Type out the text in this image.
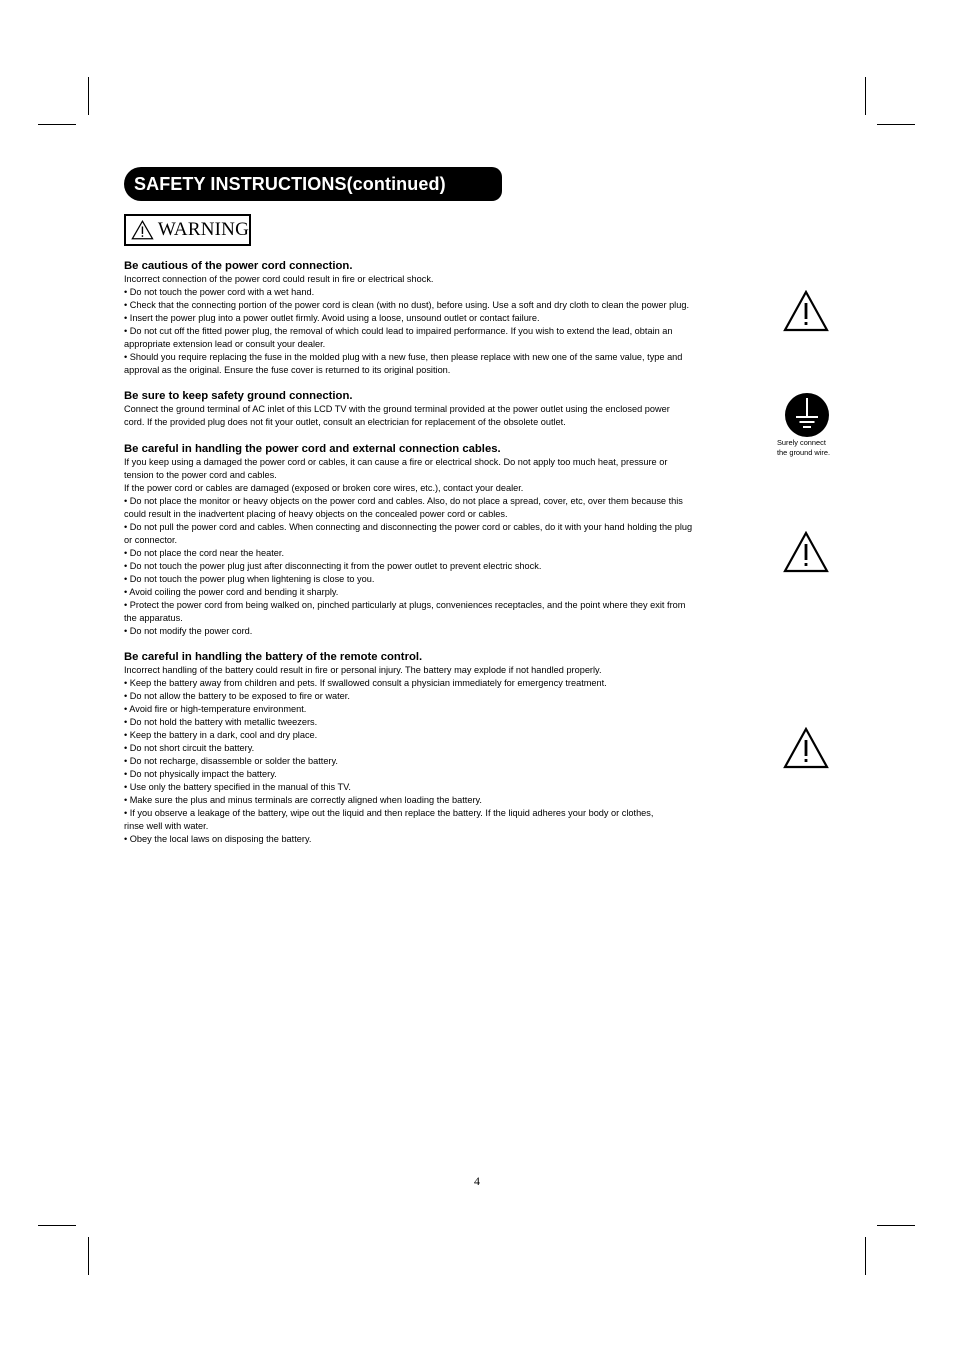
SAFETY INSTRUCTIONS(continued)
WARNING
Be cautious of the power cord connection.
Incorrect connection of the power cord could result in fire or electrical shock.
• Do not touch the power cord with a wet hand.
• Check that the connecting portion of the power cord is clean (with no dust), before using. Use a soft and dry cloth to clean the power plug.
• Insert the power plug into a power outlet firmly. Avoid using a loose, unsound outlet or contact failure.
• Do not cut off the fitted power plug, the removal of which could lead to impaired performance. If you wish to extend the lead, obtain an
appropriate extension lead or consult your dealer.
• Should you require replacing the fuse in the molded plug with a new fuse, then please replace with new one of the same value, type and
approval as the original. Ensure the fuse cover is returned to its original position.
Be sure to keep safety ground connection.
Connect the ground terminal of AC inlet of this LCD TV with the ground terminal provided at the power outlet using the enclosed power
cord. If the provided plug does not fit your outlet, consult an electrician for replacement of the obsolete outlet.
Be careful in handling the power cord and external connection cables.
If you keep using a damaged the power cord or cables, it can cause a fire or electrical shock. Do not apply too much heat, pressure or
tension to the power cord and cables.
If the power cord or cables are damaged (exposed or broken core wires, etc.), contact your dealer.
• Do not place the monitor or heavy objects on the power cord and cables. Also, do not place a spread, cover, etc, over them because this
could result in the inadvertent placing of heavy objects on the concealed power cord or cables.
• Do not pull the power cord and cables. When connecting and disconnecting the power cord or cables, do it with your hand holding the plug
or connector.
• Do not place the cord near the heater.
• Do not touch the power plug just after disconnecting it from the power outlet to prevent electric shock.
• Do not touch the power plug when lightening is close to you.
• Avoid coiling the power cord and bending it sharply.
• Protect the power cord from being walked on, pinched particularly at plugs, conveniences receptacles, and the point where they exit from
the apparatus.
• Do not modify the power cord.
Be careful in handling the battery of the remote control.
Incorrect handling of the battery could result in fire or personal injury. The battery may explode if not handled properly.
• Keep the battery away from children and pets. If swallowed consult a physician immediately for emergency treatment.
• Do not allow the battery to be exposed to fire or water.
• Avoid fire or high-temperature environment.
• Do not hold the battery with metallic tweezers.
• Keep the battery in a dark, cool and dry place.
• Do not short circuit the battery.
• Do not recharge, disassemble or solder the battery.
• Do not physically impact the battery.
• Use only the battery specified in the manual of this TV.
• Make sure the plus and minus terminals are correctly aligned when loading the battery.
• If you observe a leakage of the battery, wipe out the liquid and then replace the battery. If the liquid adheres your body or clothes,
rinse well with water.
• Obey the local laws on disposing the battery.
Surely connect
the ground wire.
4
